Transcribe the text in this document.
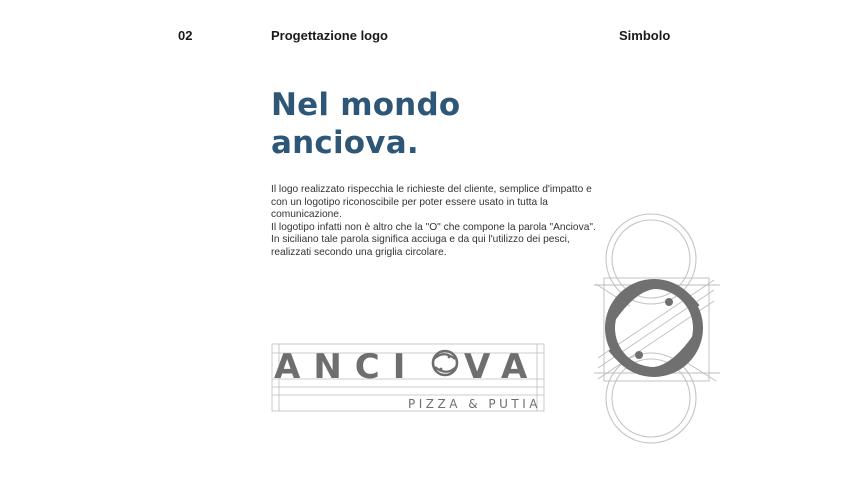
02	Progettazione logo	Simbolo
Nel mondo
anciova.

Il logo realizzato rispecchia le richieste del cliente, semplice d'impatto e con un logotipo riconoscibile per poter essere usato in tutta la comunicazione.

Il logotipo infatti non è altro che la "O" che compone la parola "Anciova". In siciliano tale parola significa acciuga e da qui l'utilizzo dei pesci, realizzati secondo una griglia circolare.

ANCI VA
PIZZA & PUTIA
